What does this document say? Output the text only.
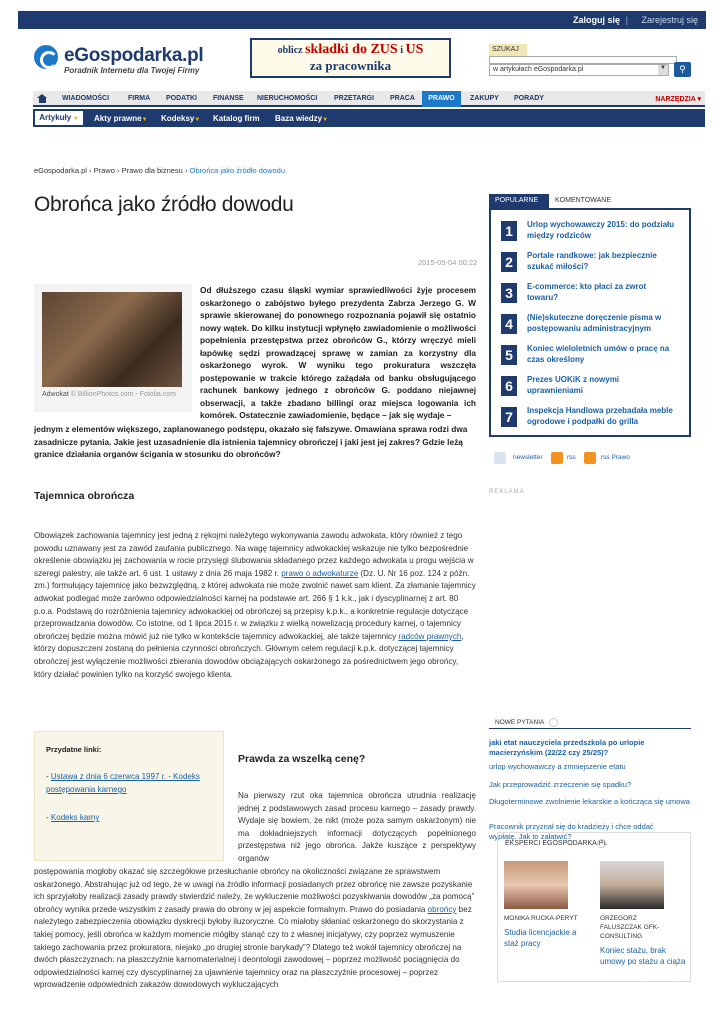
Zaloguj się | Zarejestruj się
eGospodarka.pl
Poradnik Internetu dla Twojej Firmy
oblicz składki do ZUS i US
za pracownika
SZUKAJ
w artykułach eGospodarka.pl	▼	⚲
WIADOMOŚCI	FIRMA PODATKI FINANSE NIERUCHOMOŚCI PRZETARGI PRACA	PRAWO	ZAKUPY PORADY	NARZĘDZIA ▾
Artykuły ▼	Akty prawne▼ Kodeksy▼ Katalog firm Baza wiedzy▼
eGospodarka.pl › Prawo › Prawo dla biznesu › Obrońca jako źródło dowodu
Obrońca jako źródło dowodu
2015-05-04 00:22
Adwokat © BillionPhotos.com - Fotolia.com
Od dłuższego czasu śląski wymiar sprawiedliwości żyje procesem oskarżonego o zabójstwo byłego prezydenta Zabrza Jerzego G. W sprawie skierowanej do ponownego rozpoznania pojawił się ostatnio nowy wątek. Do kilku instytucji wpłynęło zawiadomienie o możliwości popełnienia przestępstwa przez obrońców G., którzy wręczyć mieli łapówkę sędzi prowadzącej sprawę w zamian za korzystny dla oskarżonego wyrok. W wyniku tego prokuratura wszczęła postępowanie w trakcie którego zażądała od banku obsługującego rachunek bankowy jednego z obrońców G. poddano niejawnej obserwacji, a także zbadano billingi oraz miejsca logowania ich komórek. Ostatecznie zawiadomienie, będące – jak się wydaje –
jednym z elementów większego, zaplanowanego podstępu, okazało się fałszywe. Omawiana sprawa rodzi dwa zasadnicze pytania. Jakie jest uzasadnienie dla istnienia tajemnicy obrończej i jaki jest jej zakres? Gdzie leżą granice działania organów ścigania w stosunku do obrońców?
Tajemnica obrończa
Obowiązek zachowania tajemnicy jest jedną z rękojmi należytego wykonywania zawodu adwokata, który również z tego powodu uznawany jest za zawód zaufania publicznego. Na wagę tajemnicy adwokackiej wskazuje nie tylko bezpośrednie określenie obowiązku jej zachowania w rocie przysięgi ślubowania składanego przez każdego adwokata u progu wejścia w szeregi palestry, ale także art. 6 ust. 1 ustawy z dnia 26 maja 1982 r. prawo o adwokaturze (Dz. U. Nr 16 poz. 124 z późn. zm.) formułujący tajemnicę jako bezwzględną, z której adwokata nie może zwolnić nawet sam klient. Za złamanie tajemnicy adwokat podlegać może zarówno odpowiedzialności karnej na podstawie art. 266 § 1 k.k., jak i dyscyplinarnej z art. 80 p.o.a. Podstawą do rozróżnienia tajemnicy adwokackiej od obrończej są przepisy k.p.k., a konkretnie regulacje dotyczące przeprowadzania dowodów. Co istotne, od 1 lipca 2015 r. w związku z wielką nowelizacją procedury karnej, o tajemnicy obrończej będzie można mówić już nie tylko w kontekście tajemnicy adwokackiej, ale także tajemnicy radców prawnych, którzy dopuszczeni zostaną do pełnienia czynności obrończych. Głównym celem regulacji k.p.k. dotyczącej tajemnicy obrończej jest wyłączenie możliwości zbierania dowodów obciążających oskarżonego za pośrednictwem jego obrońcy, który działać powinien tylko na korzyść swojego klienta.
Przydatne linki:
- Ustawa z dnia 6 czerwca 1997 r. - Kodeks postępowania karnego
- Kodeks karny
Prawda za wszelką cenę?
Na pierwszy rzut oka tajemnica obrończa utrudnia realizację jednej z podstawowych zasad procesu karnego – zasady prawdy. Wydaje się bowiem, że nikt (może poza samym oskarżonym) nie ma dokładniejszych informacji dotyczących popełnionego przestępstwa niż jego obrońca. Jakże kuszące z perspektywy organów
postępowania mogłoby okazać się szczegółowe przesłuchanie obrońcy na okoliczności związane ze sprawstwem oskarżonego. Abstrahując już od tego, że w uwagi na źródło informacji posiadanych przez obrońcę nie zawsze pozyskanie ich sprzyjałoby realizacji zasady prawdy stwierdzić należy, że wykluczenie możliwości pozyskiwania dowodów „za pomocą” obrońcy wynika przede wszystkim z zasady prawa do obrony w jej aspekcie formalnym. Prawo do posiadania obrońcy bez należytego zabezpieczenia obowiązku dyskrecji byłoby iluzoryczne. Co miałoby skłaniać oskarżonego do skorzystania z takiej pomocy, jeśli obrońca w każdym momencie mógłby stanąć czy to z własnej inicjatywy, czy poprzez wymuszenie takiego zachowania przez prokuratora, niejako „po drugiej stronie barykady”? Dlatego też wokół tajemnicy obrończej na dwóch płaszczyznach: na płaszczyźnie karnomaterialnej i deontologii zawodowej – poprzez możliwość pociągnięcia do odpowiedzialności karnej czy dyscyplinarnej za ujawnienie tajemnicy oraz na płaszczyźnie procesowej – poprzez wprowadzenie odpowiednich zakazów dowodowych wykluczających
POPULARNE	KOMENTOWANE
1	Urlop wychowawczy 2015: do podziału między rodziców
2	Portale randkowe: jak bezpiecznie szukać miłości?
3	E-commerce: kto płaci za zwrot towaru?
4	(Nie)skuteczne doręczenie pisma w postępowaniu administracyjnym
5	Koniec wieloletnich umów o pracę na czas określony
6	Prezes UOKiK z nowymi uprawnieniami
7	Inspekcja Handlowa przebadała meble ogrodowe i podpałki do grilla
newsletter	rss	rss Prawo
REKLAMA
NOWE PYTANIA
jaki etat nauczyciela przedszkola po urlopie macierzyńskim (22/22 czy 25/25)?
urlop wychowawczy a zmniejszenie etatu
Jak przeprowadzić zrzeczenie się spadku?
Długoterminowe zwolnienie lekarskie a kończąca się umowa
Pracownik przyznał się do kradzieży i chce oddać wypłatę. Jak to załatwić?
EKSPERCI EGOSPODARKA.PL
MONIKA RUCKA-PERYT	GRZEGORZ
FALUSZCZAK GFK-
CONSULTING
Studia licencjackie a staż pracy
Koniec stażu, brak umowy po stażu a ciąża
